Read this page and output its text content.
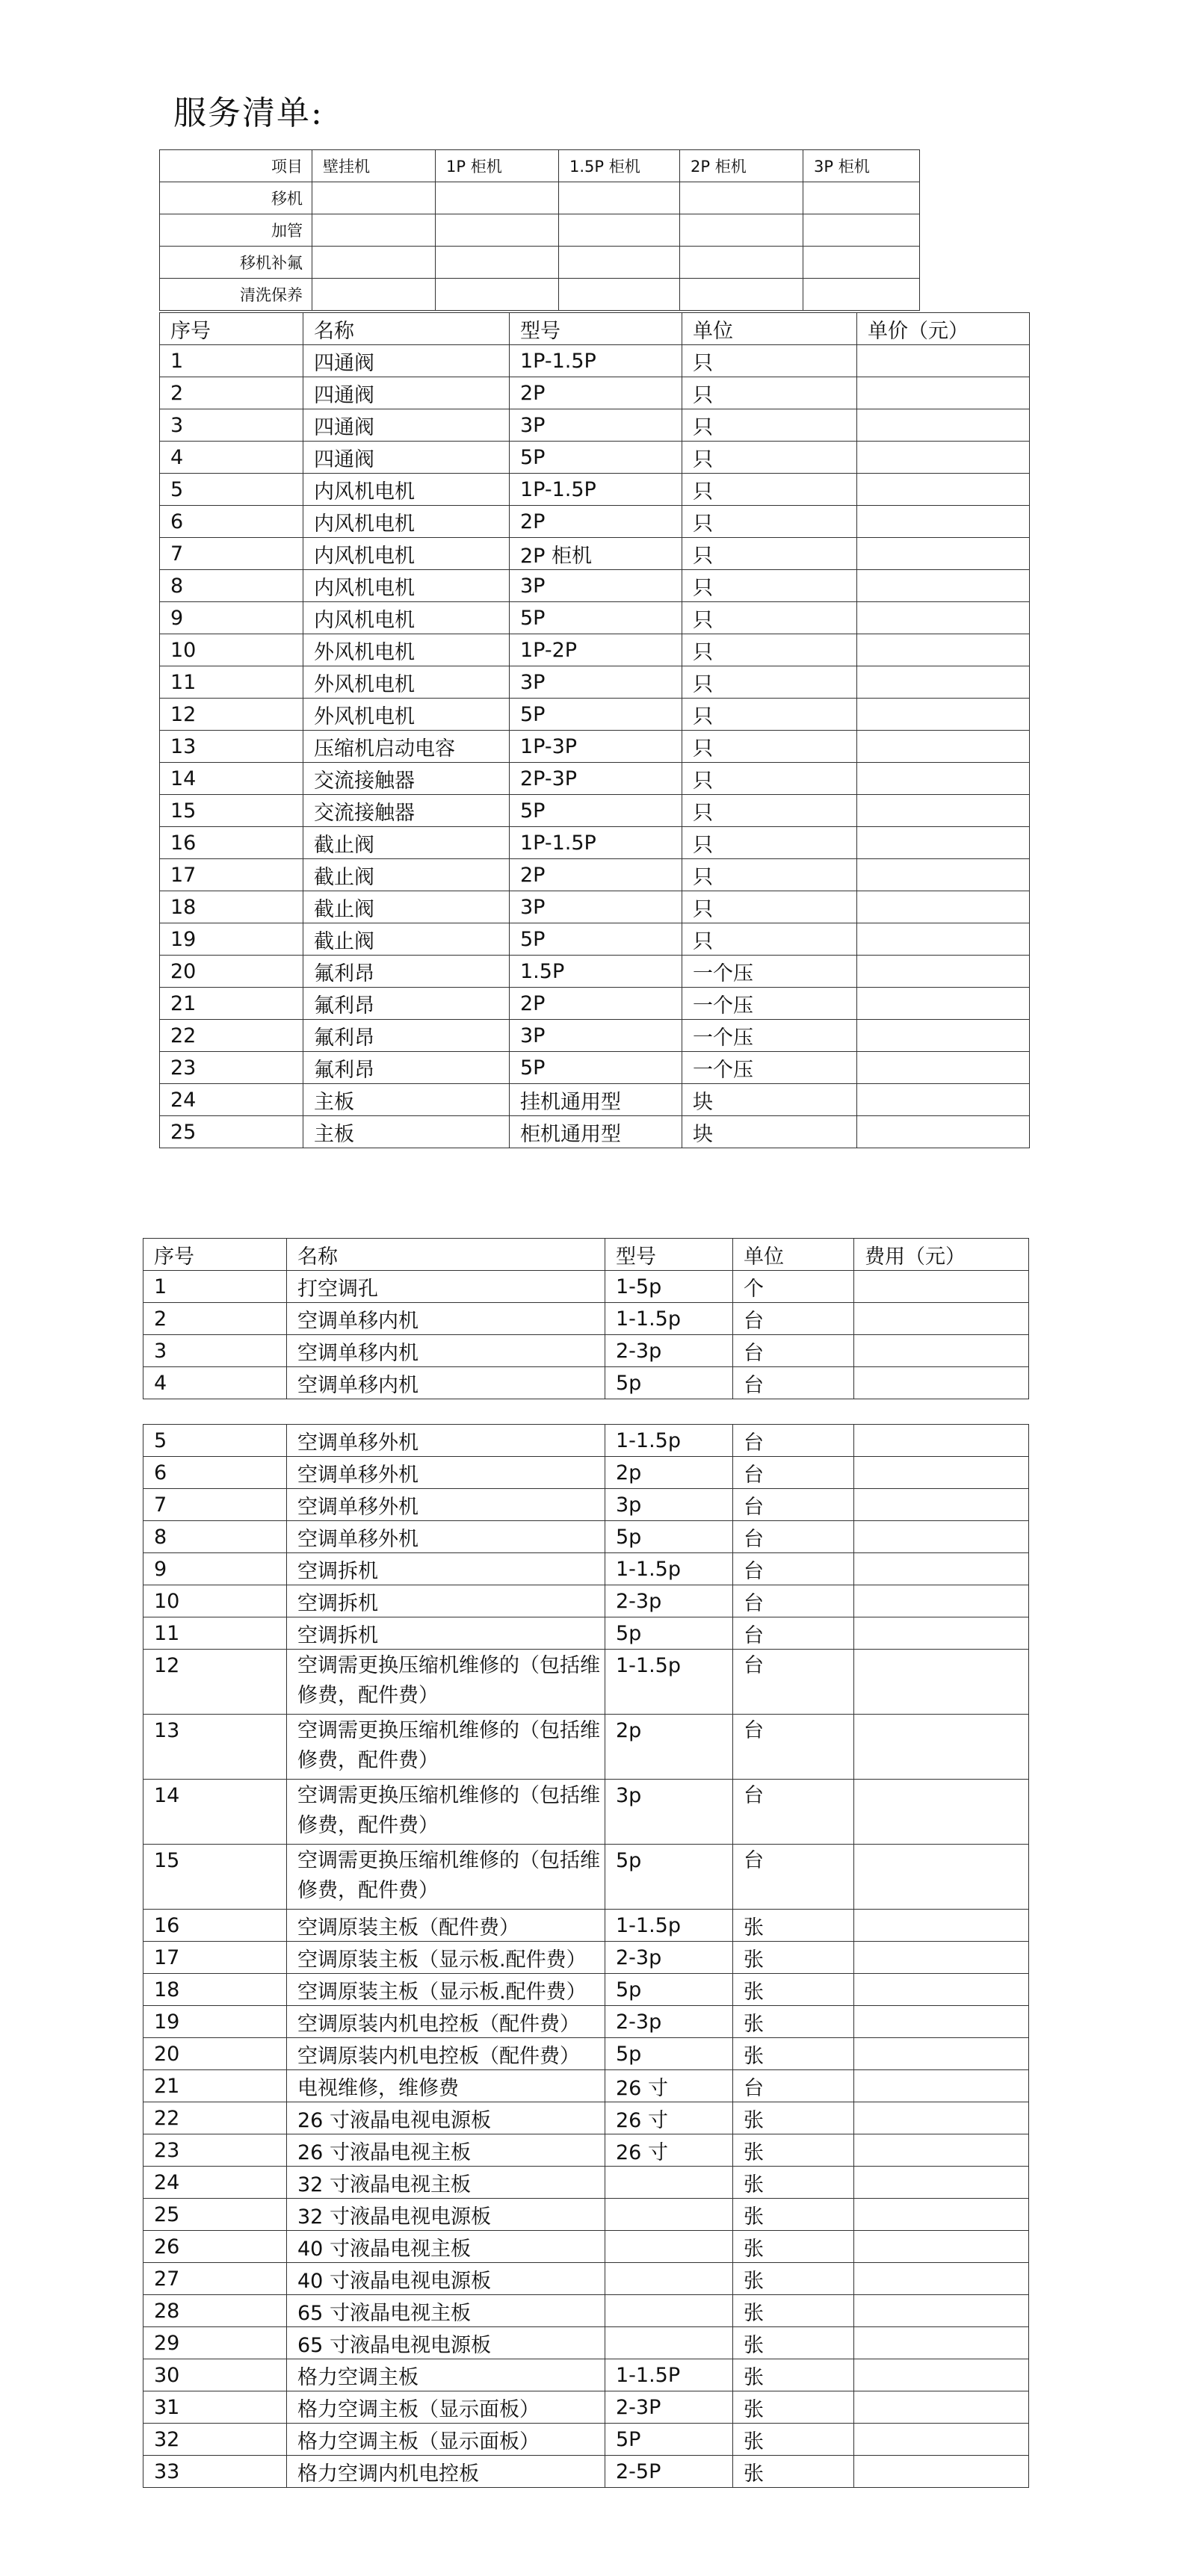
服务清单:
项目	壁挂机	1P 柜机	1.5P 柜机	2P 柜机	3P 柜机
移机					
加管					
移机补氟					
清洗保养					
序号	名称	型号	单位	单价（元）
1	四通阀	1P-1.5P	只	
2	四通阀	2P	只	
3	四通阀	3P	只	
4	四通阀	5P	只	
5	内风机电机	1P-1.5P	只	
6	内风机电机	2P	只	
7	内风机电机	2P 柜机	只	
8	内风机电机	3P	只	
9	内风机电机	5P	只	
10	外风机电机	1P-2P	只	
11	外风机电机	3P	只	
12	外风机电机	5P	只	
13	压缩机启动电容	1P-3P	只	
14	交流接触器	2P-3P	只	
15	交流接触器	5P	只	
16	截止阀	1P-1.5P	只	
17	截止阀	2P	只	
18	截止阀	3P	只	
19	截止阀	5P	只	
20	氟利昂	1.5P	一个压	
21	氟利昂	2P	一个压	
22	氟利昂	3P	一个压	
23	氟利昂	5P	一个压	
24	主板	挂机通用型	块	
25	主板	柜机通用型	块	
序号	名称	型号	单位	费用（元）
1	打空调孔	1-5p	个	
2	空调单移内机	1-1.5p	台	
3	空调单移内机	2-3p	台	
4	空调单移内机	5p	台	
5	空调单移外机	1-1.5p	台	
6	空调单移外机	2p	台	
7	空调单移外机	3p	台	
8	空调单移外机	5p	台	
9	空调拆机	1-1.5p	台	
10	空调拆机	2-3p	台	
11	空调拆机	5p	台	
12	空调需更换压缩机维修的（包括维修费，配件费）	1-1.5p	台	
13	空调需更换压缩机维修的（包括维修费，配件费）	2p	台	
14	空调需更换压缩机维修的（包括维修费，配件费）	3p	台	
15	空调需更换压缩机维修的（包括维修费，配件费）	5p	台	
16	空调原装主板（配件费）	1-1.5p	张	
17	空调原装主板（显示板.配件费）	2-3p	张	
18	空调原装主板（显示板.配件费）	5p	张	
19	空调原装内机电控板（配件费）	2-3p	张	
20	空调原装内机电控板（配件费）	5p	张	
21	电视维修，维修费	26 寸	台	
22	26 寸液晶电视电源板	26 寸	张	
23	26 寸液晶电视主板	26 寸	张	
24	32 寸液晶电视主板		张	
25	32 寸液晶电视电源板		张	
26	40 寸液晶电视主板		张	
27	40 寸液晶电视电源板		张	
28	65 寸液晶电视主板		张	
29	65 寸液晶电视电源板		张	
30	格力空调主板	1-1.5P	张	
31	格力空调主板（显示面板）	2-3P	张	
32	格力空调主板（显示面板）	5P	张	
33	格力空调内机电控板	2-5P	张	
